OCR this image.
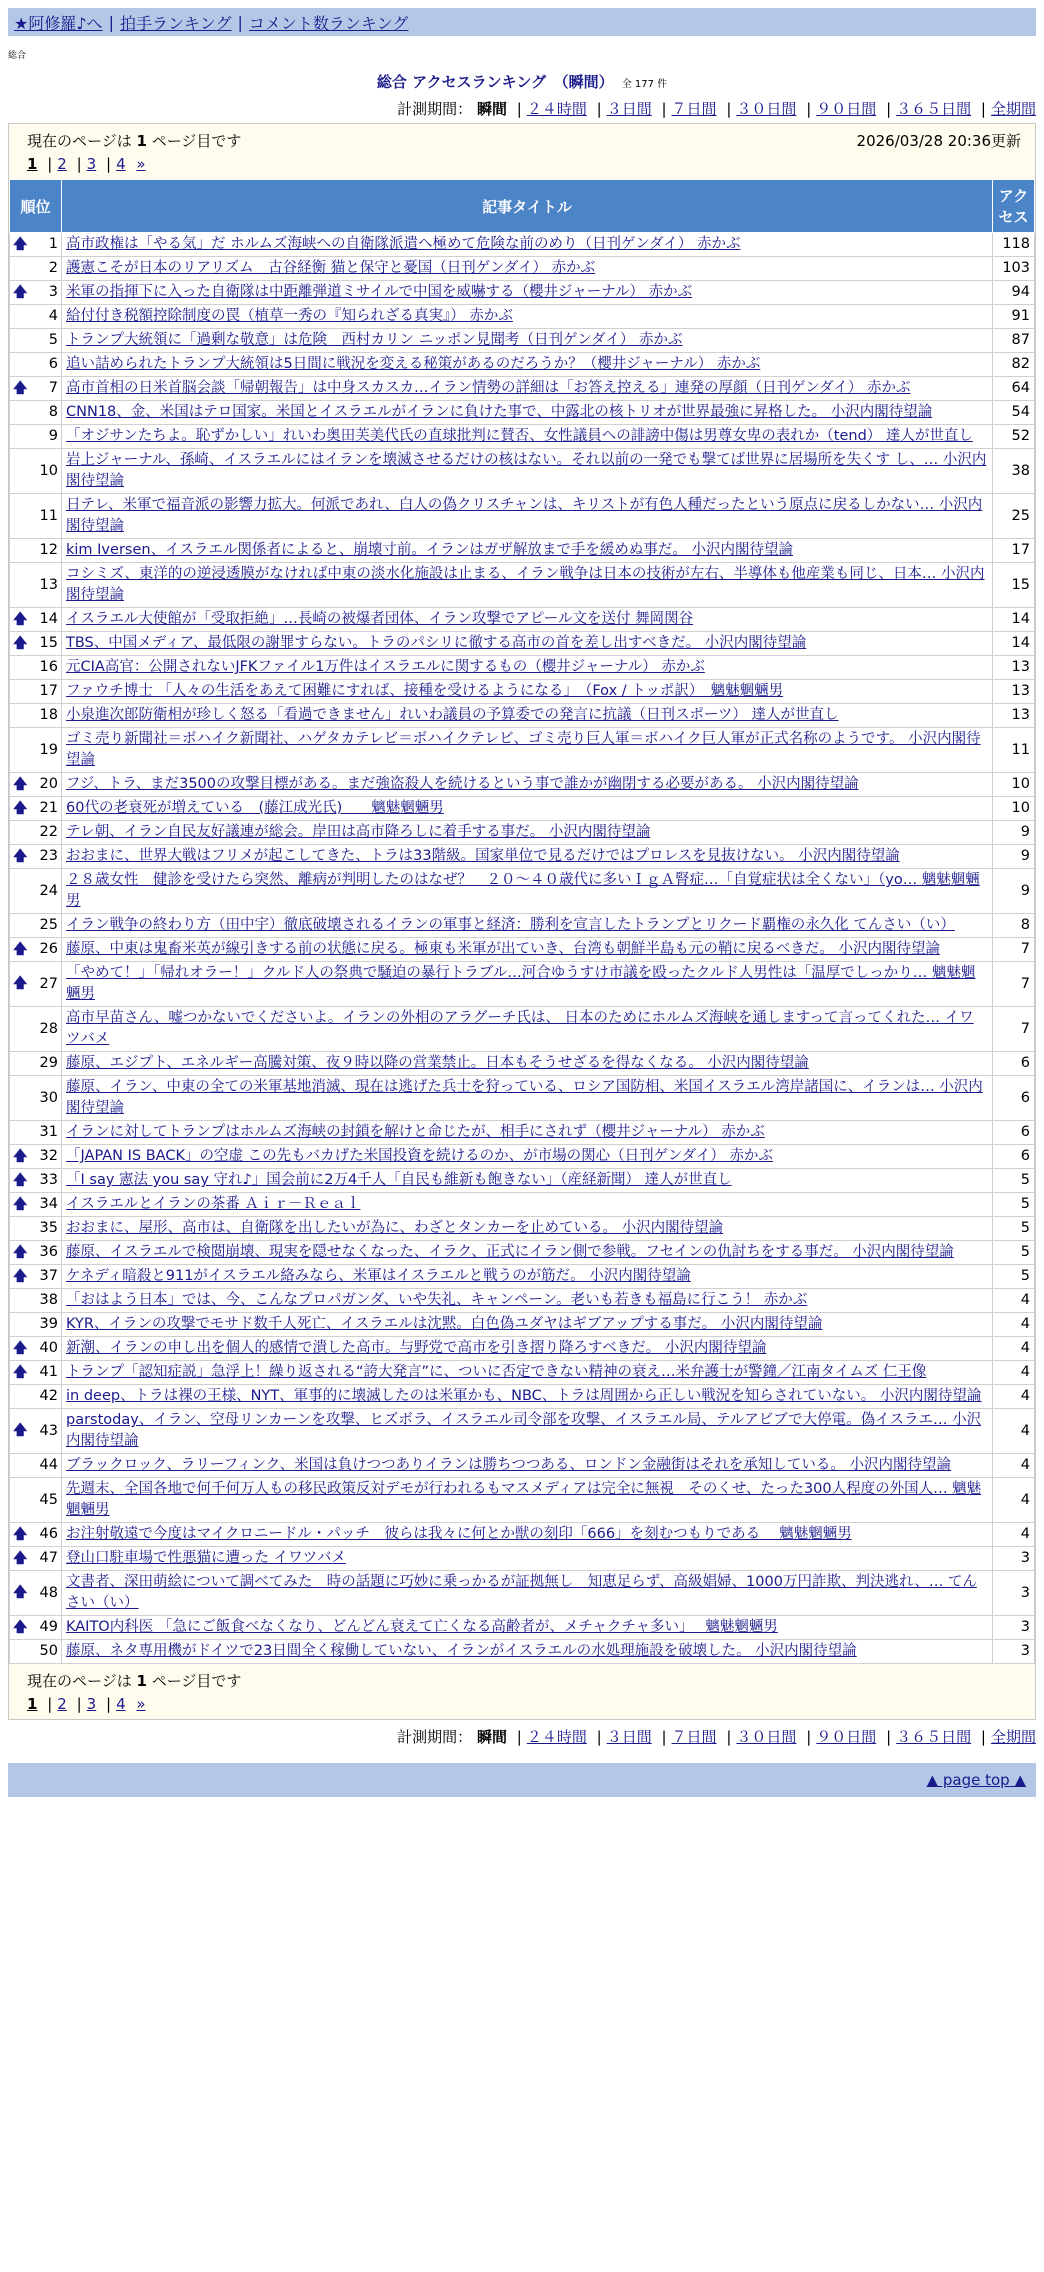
★阿修羅♪へ | 拍手ランキング | コメント数ランキング
総合
総合 アクセスランキング　（瞬間） 全 177 件
計測期間： 瞬間 | ２４時間 | ３日間 | ７日間 | ３０日間 | ９０日間 | ３６５日間 | 全期間
現在のページは 1 ページ目です	2026/03/28 20:36更新
1 | 2 | 3 | 4 »
順位	記事タイトル	アクセス

🡅 1	高市政権は「やる気」だ ホルムズ海峡への自衛隊派遣へ極めて危険な前のめり（日刊ゲンダイ） 赤かぶ	118
2	護憲こそが日本のリアリズム　古谷経衡 猫と保守と憂国（日刊ゲンダイ） 赤かぶ	103

🡅 3	米軍の指揮下に入った自衛隊は中距離弾道ミサイルで中国を威嚇する（櫻井ジャーナル） 赤かぶ	94
4	給付付き税額控除制度の罠（植草一秀の『知られざる真実』） 赤かぶ	91
5	トランプ大統領に「過剰な敬意」は危険　西村カリン ニッポン見聞考（日刊ゲンダイ） 赤かぶ	87
6	追い詰められたトランプ大統領は5日間に戦況を変える秘策があるのだろうか？（櫻井ジャーナル） 赤かぶ	82

🡅 7	高市首相の日米首脳会談「帰朝報告」は中身スカスカ…イラン情勢の詳細は「お答え控える」連発の厚顔（日刊ゲンダイ） 赤かぶ	64
8	CNN18、金、米国はテロ国家。米国とイスラエルがイランに負けた事で、中露北の核トリオが世界最強に昇格した。 小沢内閣待望論	54
9	「オジサンたちよ。恥ずかしい」れいわ奥田芙美代氏の直球批判に賛否、女性議員への誹謗中傷は男尊女卑の表れか（tend） 達人が世直し	52
10	岩上ジャーナル、孫崎、イスラエルにはイランを壊滅させるだけの核はない。それ以前の一発でも撃てば世界に居場所を失くす し、… 小沢内閣待望論	38
11	日テレ、米軍で福音派の影響力拡大。何派であれ、白人の偽クリスチャンは、キリストが有色人種だったという原点に戻るしかない… 小沢内閣待望論	25
12	kim Iversen、イスラエル関係者によると、崩壊寸前。イランはガザ解放まで手を緩めぬ事だ。 小沢内閣待望論	17
13	コシミズ、東洋的の逆浸透膜がなければ中東の淡水化施設は止まる、イラン戦争は日本の技術が左右、半導体も他産業も同じ、日本… 小沢内閣待望論	15

🡅 14	イスラエル大使館が「受取拒絶」…長崎の被爆者団体、イラン攻撃でアピール文を送付 舞岡関谷	14

🡅 15	TBS、中国メディア、最低限の謝罪すらない。トラのパシリに徹する高市の首を差し出すべきだ。 小沢内閣待望論	14
16	元CIA高官：公開されないJFKファイル1万件はイスラエルに関するもの（櫻井ジャーナル） 赤かぶ	13
17	ファウチ博士 「人々の生活をあえて困難にすれば、接種を受けるようになる」　（Fox / トッポ訳）　魑魅魍魎男	13
18	小泉進次郎防衛相が珍しく怒る「看過できません」れいわ議員の予算委での発言に抗議（日刊スポーツ） 達人が世直し	13
19	ゴミ売り新聞社＝ボハイク新聞社、ハゲタカテレビ＝ボハイクテレビ、ゴミ売り巨人軍＝ボハイク巨人軍が正式名称のようです。 小沢内閣待望論	11

🡅 20	フジ、トラ、まだ3500の攻撃目標がある。まだ強盗殺人を続けるという事で誰かが幽閉する必要がある。 小沢内閣待望論	10

🡅 21	60代の老衰死が増えている　(藤江成光氏)　　魑魅魍魎男	10
22	テレ朝、イラン自民友好議連が総会。岸田は高市降ろしに着手する事だ。 小沢内閣待望論	9

🡅 23	おおまに、世界大戦はフリメが起こしてきた、トラは33階級。国家単位で見るだけではプロレスを見抜けない。 小沢内閣待望論	9
24	２８歳女性　健診を受けたら突然、離病が判明したのはなぜ？　２０～４０歳代に多いＩｇＡ腎症…「自覚症状は全くない」（yo… 魑魅魍魎男	9
25	イラン戦争の終わり方（田中宇）徹底破壊されるイランの軍事と経済：勝利を宣言したトランプとリクード覇権の永久化 てんさい（い）	8

🡅 26	藤原、中東は鬼畜米英が線引きする前の状態に戻る。極東も米軍が出ていき、台湾も朝鮮半島も元の鞘に戻るべきだ。 小沢内閣待望論	7

🡅 27	「やめて！」「帰れオラー！」クルド人の祭典で騒迫の暴行トラブル…河合ゆうすけ市議を殴ったクルド人男性は「温厚でしっかり… 魑魅魍魎男	7
28	高市早苗さん、嘘つかないでくださいよ。イランの外相のアラグーチ氏は、 日本のためにホルムズ海峡を通しますって言ってくれた… イワツバメ	7
29	藤原、エジプト、エネルギー高騰対策、夜９時以降の営業禁止。日本もそうせざるを得なくなる。 小沢内閣待望論	6
30	藤原、イラン、中東の全ての米軍基地消滅、現在は逃げた兵士を狩っている、ロシア国防相、米国イスラエル湾岸諸国に、イランは… 小沢内閣待望論	6
31	イランに対してトランプはホルムズ海峡の封鎖を解けと命じたが、相手にされず（櫻井ジャーナル） 赤かぶ	6

🡅 32	「JAPAN IS BACK」の空虚 この先もバカげた米国投資を続けるのか、が市場の関心（日刊ゲンダイ） 赤かぶ	6

🡅 33	「I say 憲法 you say 守れ♪」国会前に2万4千人「自民も維新も飽きない」（産経新聞） 達人が世直し	5

🡅 34	イスラエルとイランの茶番 Ａｉｒ－Ｒｅａｌ	5
35	おおまに、屋形、高市は、自衛隊を出したいが為に、わざとタンカーを止めている。 小沢内閣待望論	5

🡅 36	藤原、イスラエルで検閲崩壊、現実を隠せなくなった、イラク、正式にイラン側で参戦。フセインの仇討ちをする事だ。 小沢内閣待望論	5

🡅 37	ケネディ暗殺と911がイスラエル絡みなら、米軍はイスラエルと戦うのが筋だ。 小沢内閣待望論	5
38	「おはよう日本」では、今、こんなプロパガンダ、いや失礼、キャンペーン。老いも若きも福島に行こう！ 赤かぶ	4
39	KYR、イランの攻撃でモサド数千人死亡、イスラエルは沈黙。白色偽ユダヤはギブアップする事だ。 小沢内閣待望論	4

🡅 40	新潮、イランの申し出を個人的感情で潰した高市。与野党で高市を引き摺り降ろすべきだ。 小沢内閣待望論	4

🡅 41	トランプ「認知症説」急浮上！繰り返される“誇大発言”に、ついに否定できない精神の衰え…米弁護士が警鐘／江南タイムズ 仁王像	4
42	in deep、トラは裸の王様、NYT、軍事的に壊滅したのは米軍かも、NBC、トラは周囲から正しい戦況を知らされていない。 小沢内閣待望論	4

🡅 43	parstoday、イラン、空母リンカーンを攻撃、ヒズボラ、イスラエル司令部を攻撃、イスラエル局、テルアビブで大停電。偽イスラエ… 小沢内閣待望論	4
44	ブラックロック、ラリーフィンク、米国は負けつつありイランは勝ちつつある、ロンドン金融街はそれを承知している。 小沢内閣待望論	4
45	先週末、全国各地で何千何万人もの移民政策反対デモが行われるもマスメディアは完全に無視　そのくせ、たった300人程度の外国人… 魑魅魍魎男	4

🡅 46	お注射敬遠で今度はマイクロニードル・パッチ　彼らは我々に何とか獣の刻印「666」を刻むつもりである　 魑魅魍魎男	4

🡅 47	登山口駐車場で性悪猫に遭った イワツバメ	3

🡅 48	文書者、深田萌絵について調べてみた　時の話題に巧妙に乗っかるが証拠無し　知恵足らず、高級娼婦、1000万円詐欺、判決逃れ、… てんさい（い）	3

🡅 49	KAITO内科医 「急にご飯食べなくなり、どんどん衰えて亡くなる高齢者が、メチャクチャ多い」　 魑魅魍魎男	3
50	藤原、ネタ専用機がドイツで23日間全く稼働していない、イランがイスラエルの水処理施設を破壊した。 小沢内閣待望論	3
現在のページは 1 ページ目です
1 | 2 | 3 | 4 »
計測期間： 瞬間 | ２４時間 | ３日間 | ７日間 | ３０日間 | ９０日間 | ３６５日間 | 全期間
▲ page top ▲
